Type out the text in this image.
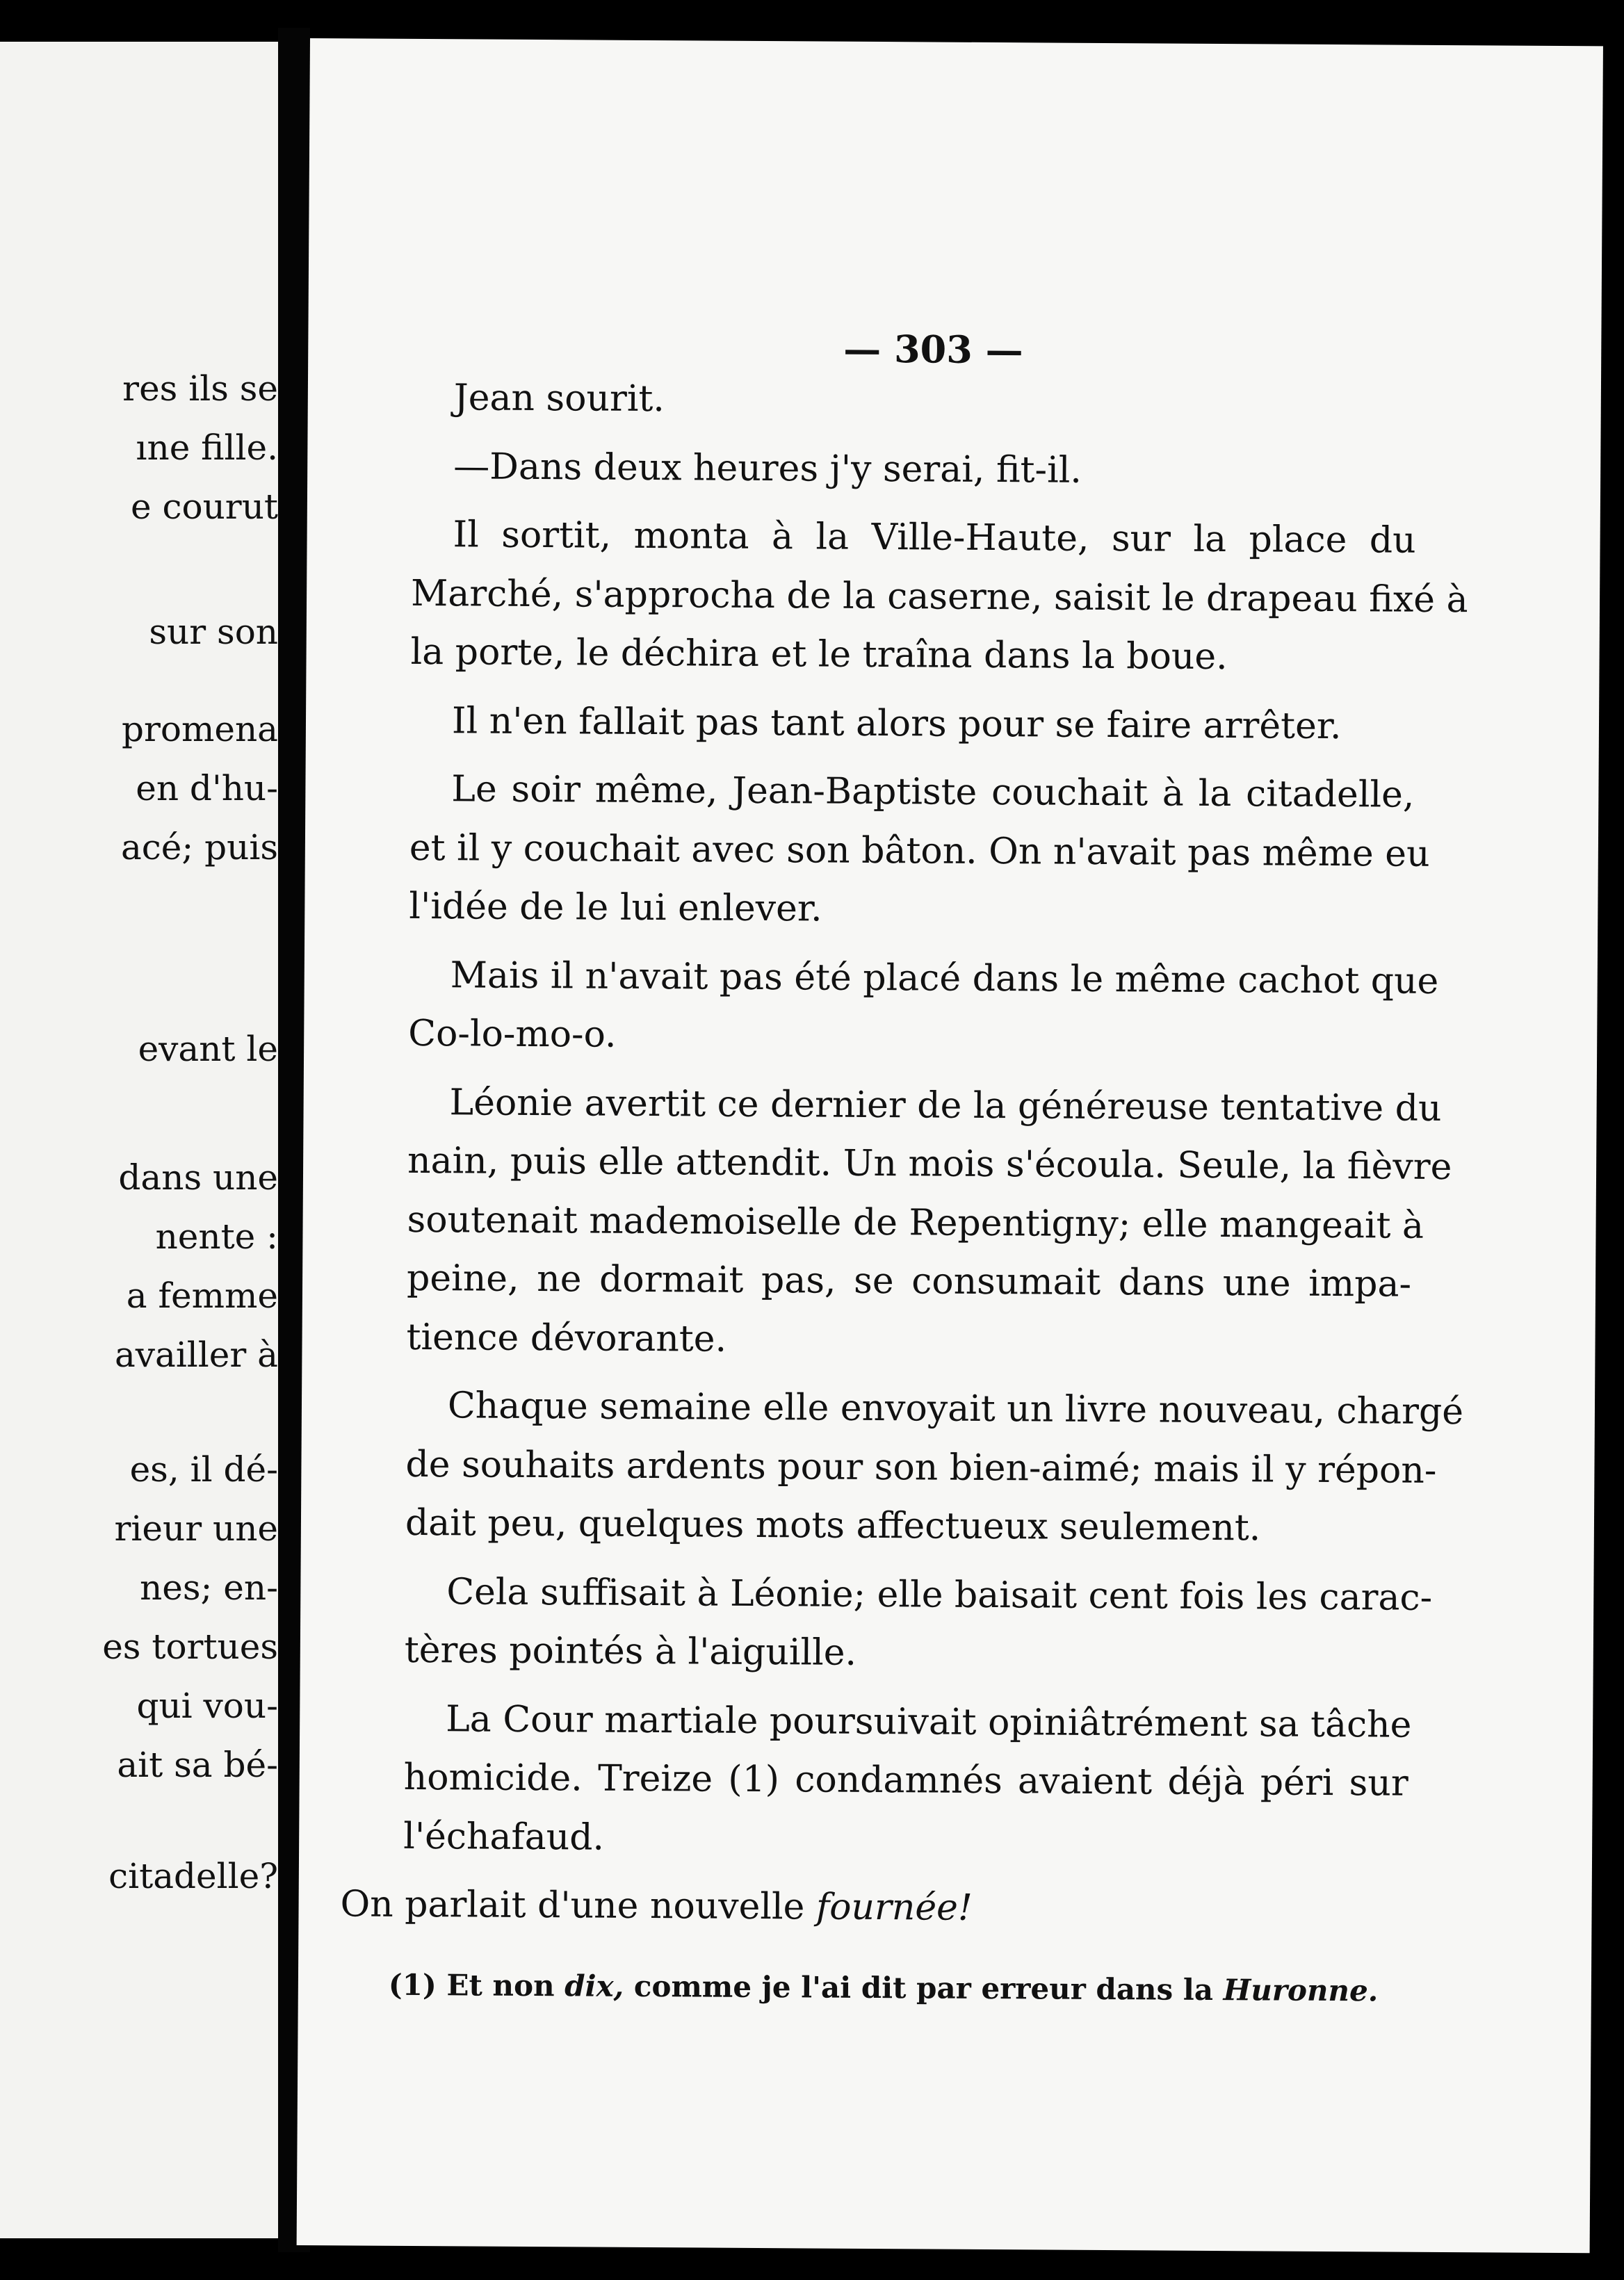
res ils se
ıne fille.
e courut
sur son
promena
en d'hu-
acé; puis
evant le
dans une
nente :
a femme
availler à
es, il dé-
rieur une
nes; en-
es tortues
qui vou-
ait sa bé-
citadelle?
— 303 —
Jean sourit.
—Dans deux heures j'y serai, fit-il.
Il sortit, monta à la Ville-Haute, sur la place du
Marché, s'approcha de la caserne, saisit le drapeau fixé à
la porte, le déchira et le traîna dans la boue.
Il n'en fallait pas tant alors pour se faire arrêter.
Le soir même, Jean-Baptiste couchait à la citadelle,
et il y couchait avec son bâton. On n'avait pas même eu
l'idée de le lui enlever.
Mais il n'avait pas été placé dans le même cachot que
Co-lo-mo-o.
Léonie avertit ce dernier de la généreuse tentative du
nain, puis elle attendit. Un mois s'écoula. Seule, la fièvre
soutenait mademoiselle de Repentigny; elle mangeait à
peine, ne dormait pas, se consumait dans une impa-
tience dévorante.
Chaque semaine elle envoyait un livre nouveau, chargé
de souhaits ardents pour son bien-aimé; mais il y répon-
dait peu, quelques mots affectueux seulement.
Cela suffisait à Léonie; elle baisait cent fois les carac-
tères pointés à l'aiguille.
La Cour martiale poursuivait opiniâtrément sa tâche
homicide. Treize (1) condamnés avaient déjà péri sur
l'échafaud.
On parlait d'une nouvelle fournée!
(1) Et non dix, comme je l'ai dit par erreur dans la Huronne.
